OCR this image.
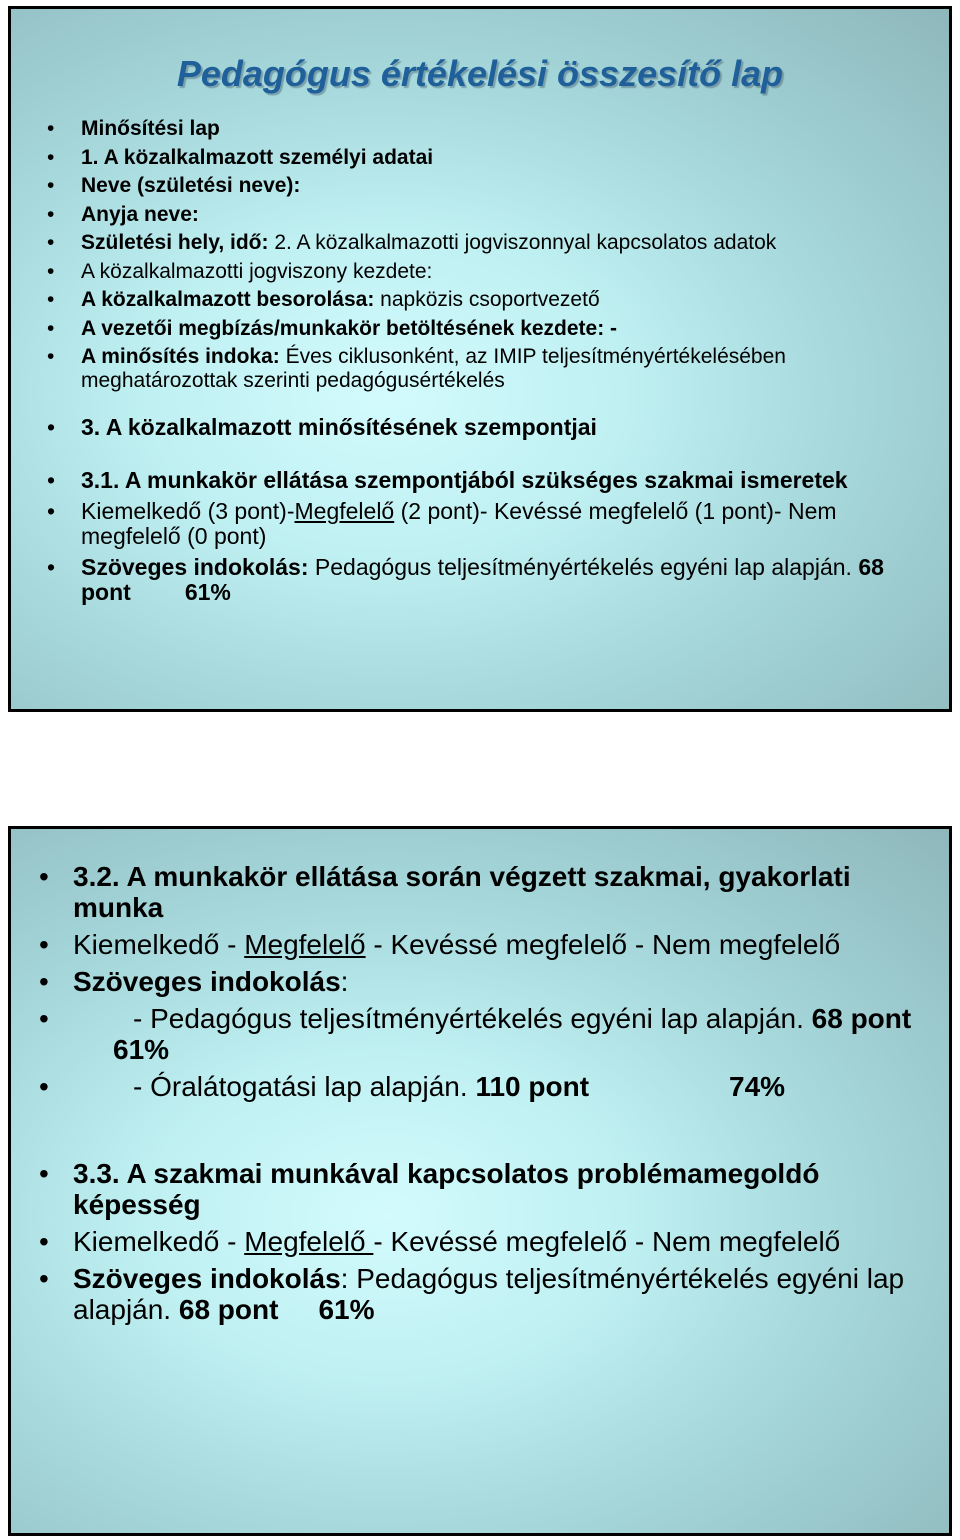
Pedagógus értékelési összesítő lap
• Minősítési lap
• 1. A közalkalmazott személyi adatai
• Neve (születési neve):
• Anyja neve:
• Születési hely, idő: 2. A közalkalmazotti jogviszonnyal kapcsolatos adatok
• A közalkalmazotti jogviszony kezdete:
• A közalkalmazott besorolása: napközis csoportvezető
• A vezetői megbízás/munkakör betöltésének kezdete: -
• A minősítés indoka: Éves ciklusonként, az IMIP teljesítményértékelésében meghatározottak szerinti pedagógusértékelés
• 3. A közalkalmazott minősítésének szempontjai
• 3.1. A munkakör ellátása szempontjából szükséges szakmai ismeretek
• Kiemelkedő (3 pont)-Megfelelő (2 pont)- Kevéssé megfelelő (1 pont)- Nem megfelelő (0 pont)
• Szöveges indokolás: Pedagógus teljesítményértékelés egyéni lap alapján. 68 pont 61%
• 3.2. A munkakör ellátása során végzett szakmai, gyakorlati munka
• Kiemelkedő - Megfelelő - Kevéssé megfelelő - Nem megfelelő
• Szöveges indokolás:
• - Pedagógus teljesítményértékelés egyéni lap alapján. 68 pont61%
• - Óralátogatási lap alapján. 110 pont	74%
• 3.3. A szakmai munkával kapcsolatos problémamegoldó képesség
• Kiemelkedő - Megfelelő - Kevéssé megfelelő - Nem megfelelő
• Szöveges indokolás: Pedagógus teljesítményértékelés egyéni lap alapján. 68 pont 61%
